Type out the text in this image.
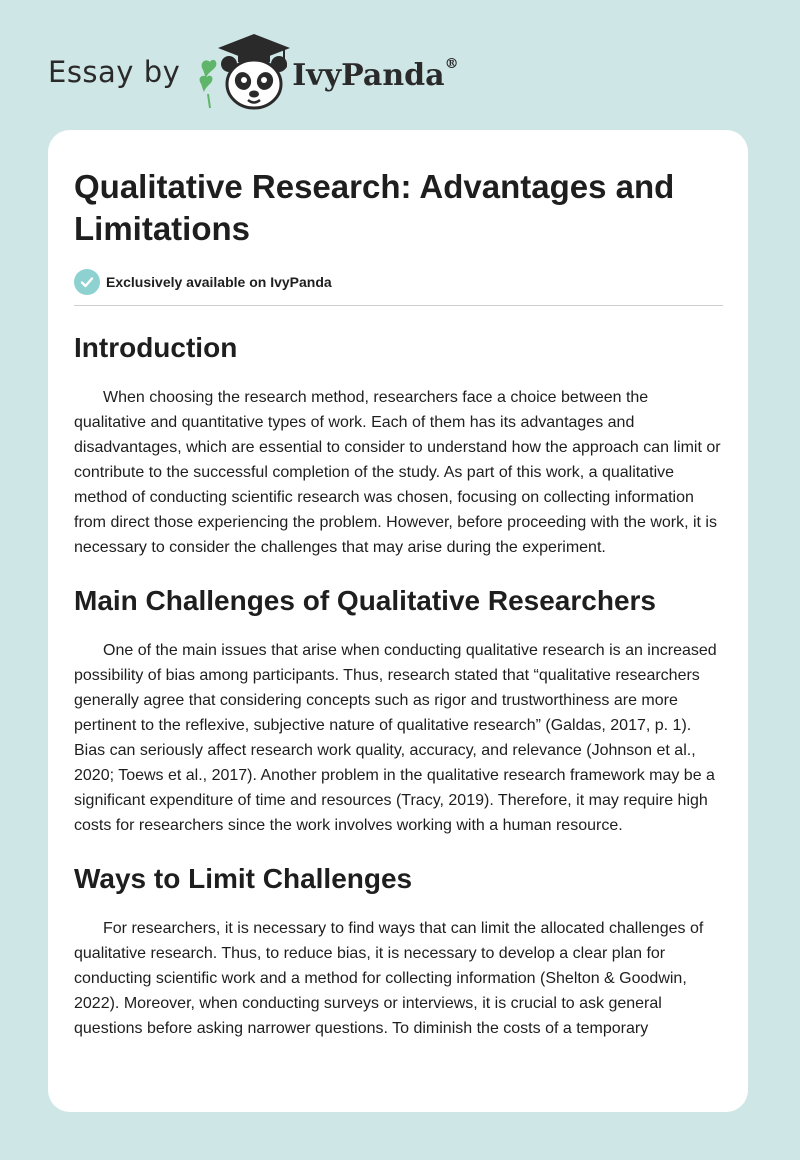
Essay by	IvyPanda®
Qualitative Research: Advantages and Limitations
Exclusively available on IvyPanda
Introduction

When choosing the research method, researchers face a choice between the qualitative and quantitative types of work. Each of them has its advantages and disadvantages, which are essential to consider to understand how the approach can limit or contribute to the successful completion of the study. As part of this work, a qualitative method of conducting scientific research was chosen, focusing on collecting information from direct those experiencing the problem. However, before proceeding with the work, it is necessary to consider the challenges that may arise during the experiment.

Main Challenges of Qualitative Researchers

One of the main issues that arise when conducting qualitative research is an increased possibility of bias among participants. Thus, research stated that “qualitative researchers generally agree that considering concepts such as rigor and trustworthiness are more pertinent to the reflexive, subjective nature of qualitative research” (Galdas, 2017, p. 1). Bias can seriously affect research work quality, accuracy, and relevance (Johnson et al., 2020; Toews et al., 2017). Another problem in the qualitative research framework may be a significant expenditure of time and resources (Tracy, 2019). Therefore, it may require high costs for researchers since the work involves working with a human resource.

Ways to Limit Challenges

For researchers, it is necessary to find ways that can limit the allocated challenges of qualitative research. Thus, to reduce bias, it is necessary to develop a clear plan for conducting scientific work and a method for collecting information (Shelton & Goodwin, 2022). Moreover, when conducting surveys or interviews, it is crucial to ask general questions before asking narrower questions. To diminish the costs of a temporary
